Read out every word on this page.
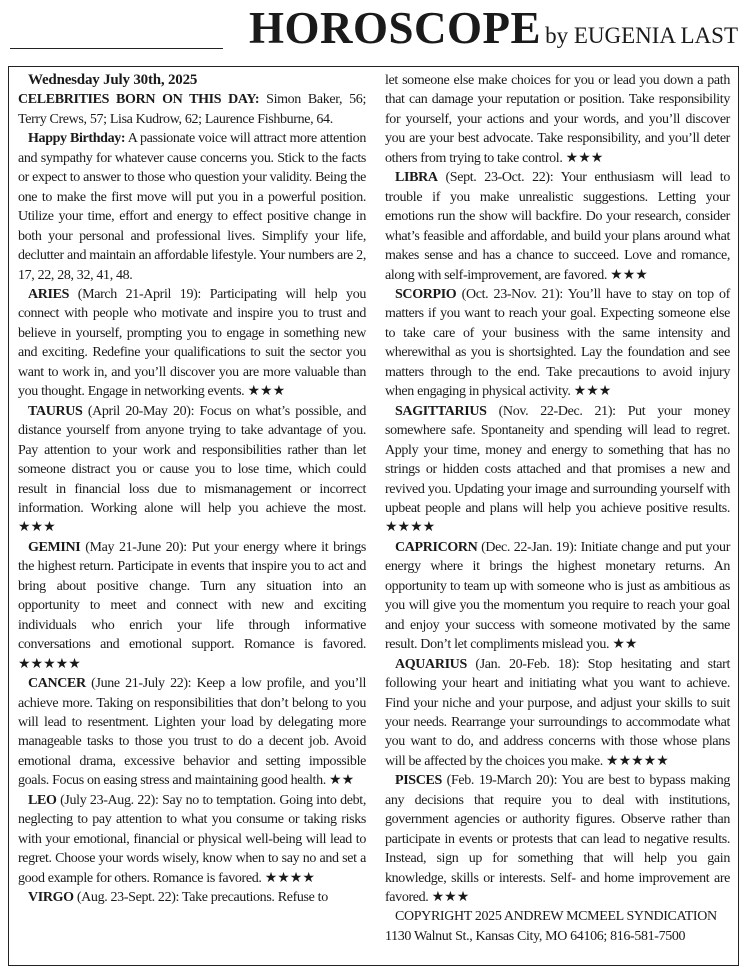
HOROSCOPE by EUGENIA LAST

Wednesday July 30th, 2025

CELEBRITIES BORN ON THIS DAY: Simon Baker, 56; Terry Crews, 57; Lisa Kudrow, 62; Laurence Fishburne, 64.

Happy Birthday: A passionate voice will attract more attention and sympathy for whatever cause concerns you. Stick to the facts or expect to answer to those who question your validity. Being the one to make the first move will put you in a powerful position. Utilize your time, effort and energy to effect positive change in both your personal and professional lives. Simplify your life, declutter and maintain an affordable lifestyle. Your numbers are 2, 17, 22, 28, 32, 41, 48.

ARIES (March 21-April 19): Participating will help you connect with people who motivate and inspire you to trust and believe in yourself, prompting you to engage in something new and exciting. Redefine your qualifications to suit the sector you want to work in, and you’ll discover you are more valuable than you thought. Engage in networking events. ★★★

TAURUS (April 20-May 20): Focus on what’s possible, and distance yourself from anyone trying to take advantage of you. Pay attention to your work and responsibilities rather than let someone distract you or cause you to lose time, which could result in financial loss due to mismanagement or incorrect information. Working alone will help you achieve the most. ★★★

GEMINI (May 21-June 20): Put your energy where it brings the highest return. Participate in events that inspire you to act and bring about positive change. Turn any situation into an opportunity to meet and connect with new and exciting individuals who enrich your life through informative conversations and emotional support. Romance is favored. ★★★★★

CANCER (June 21-July 22): Keep a low profile, and you’ll achieve more. Taking on responsibilities that don’t belong to you will lead to resentment. Lighten your load by delegating more manageable tasks to those you trust to do a decent job. Avoid emotional drama, excessive behavior and setting impossible goals. Focus on easing stress and maintaining good health. ★★

LEO (July 23-Aug. 22): Say no to temptation. Going into debt, neglecting to pay attention to what you consume or taking risks with your emotional, financial or physical well-being will lead to regret. Choose your words wisely, know when to say no and set a good example for others. Romance is favored. ★★★★

VIRGO (Aug. 23-Sept. 22): Take precautions. Refuse to

let someone else make choices for you or lead you down a path that can damage your reputation or position. Take responsibility for yourself, your actions and your words, and you’ll discover you are your best advocate. Take responsibility, and you’ll deter others from trying to take control. ★★★

LIBRA (Sept. 23-Oct. 22): Your enthusiasm will lead to trouble if you make unrealistic suggestions. Letting your emotions run the show will backfire. Do your research, consider what’s feasible and affordable, and build your plans around what makes sense and has a chance to succeed. Love and romance, along with self-improvement, are favored. ★★★

SCORPIO (Oct. 23-Nov. 21): You’ll have to stay on top of matters if you want to reach your goal. Expecting someone else to take care of your business with the same intensity and wherewithal as you is shortsighted. Lay the foundation and see matters through to the end. Take precautions to avoid injury when engaging in physical activity. ★★★

SAGITTARIUS (Nov. 22-Dec. 21): Put your money somewhere safe. Spontaneity and spending will lead to regret. Apply your time, money and energy to something that has no strings or hidden costs attached and that promises a new and revived you. Updating your image and surrounding yourself with upbeat people and plans will help you achieve positive results. ★★★★

CAPRICORN (Dec. 22-Jan. 19): Initiate change and put your energy where it brings the highest monetary returns. An opportunity to team up with someone who is just as ambitious as you will give you the momentum you require to reach your goal and enjoy your success with someone motivated by the same result. Don’t let compliments mislead you. ★★

AQUARIUS (Jan. 20-Feb. 18): Stop hesitating and start following your heart and initiating what you want to achieve. Find your niche and your purpose, and adjust your skills to suit your needs. Rearrange your surroundings to accommodate what you want to do, and address concerns with those whose plans will be affected by the choices you make. ★★★★★

PISCES (Feb. 19-March 20): You are best to bypass making any decisions that require you to deal with institutions, government agencies or authority figures. Observe rather than participate in events or protests that can lead to negative results. Instead, sign up for something that will help you gain knowledge, skills or interests. Self- and home improvement are favored. ★★★

COPYRIGHT 2025 ANDREW MCMEEL SYNDICATION 1130 Walnut St., Kansas City, MO 64106; 816-581-7500
